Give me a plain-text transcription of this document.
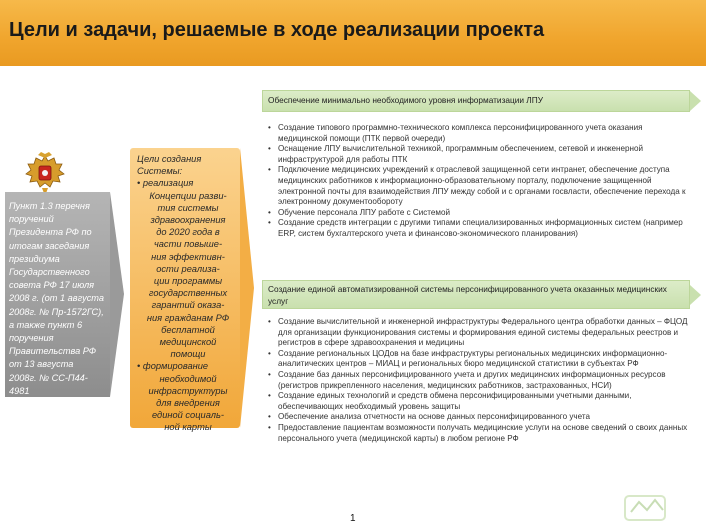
Цели и задачи, решаемые в ходе реализации проекта
Пункт 1.3 перечня
поручений
Президента РФ по
итогам заседания
президиума
Государственного
совета РФ 17 июля
2008 г. (от 1 августа
2008г. № Пр-1572ГС),
а также пункт 6
поручения
Правительства РФ
от 13 августа
2008г. № СС-П44-
4981
Цели создания
Системы:
• реализация
Концепции разви-
тия системы
здравоохранения
до 2020 года в
части повыше-
ния эффективн-
ости реализа-
ции программы
государственных
гарантий оказа-
ния гражданам РФ
бесплатной
медицинской
помощи
• формирование
необходимой
инфраструктуры
для внедрения
единой социаль-
ной карты
Обеспечение минимально необходимого уровня информатизации ЛПУ
• Создание типового программно-технического комплекса персонифицированного учета оказания медицинской помощи (ПТК первой очереди)
• Оснащение ЛПУ вычислительной техникой, программным обеспечением, сетевой и инженерной инфраструктурой для работы ПТК
• Подключение медицинских учреждений к отраслевой защищенной сети интранет, обеспечение доступа медицинских работников к информационно-образовательному порталу, подключение защищенной электронной почты для взаимодействия ЛПУ между собой и с органами госвласти, обеспечение перехода к электронному документообороту
• Обучение персонала ЛПУ работе с Системой
• Создание средств интеграции с другими типами специализированных информационных систем (например ERP, систем бухгалтерского учета и финансово-экономического планирования)
Создание единой автоматизированной системы персонифицированного учета оказанных медицинских услуг
• Создание вычислительной и инженерной инфраструктуры Федерального центра обработки данных – ФЦОД для организации функционирования системы и формирования единой системы федеральных реестров и регистров в сфере здравоохранения и медицины
• Создание региональных ЦОДов на базе инфраструктуры региональных медицинских информационно-аналитических центров – МИАЦ и региональных бюро медицинской статистики в субъектах РФ
• Создание баз данных персонифицированного учета и других медицинских информационных ресурсов (регистров прикрепленного населения, медицинских работников, застрахованных, НСИ)
• Создание единых технологий и средств обмена персонифицированными учетными данными, обеспечивающих необходимый уровень защиты
• Обеспечение анализа отчетности на основе данных персонифицированного учета
• Предоставление пациентам возможности получать медицинские услуги на основе сведений о своих данных персонального учета (медицинской карты) в любом регионе РФ
1
